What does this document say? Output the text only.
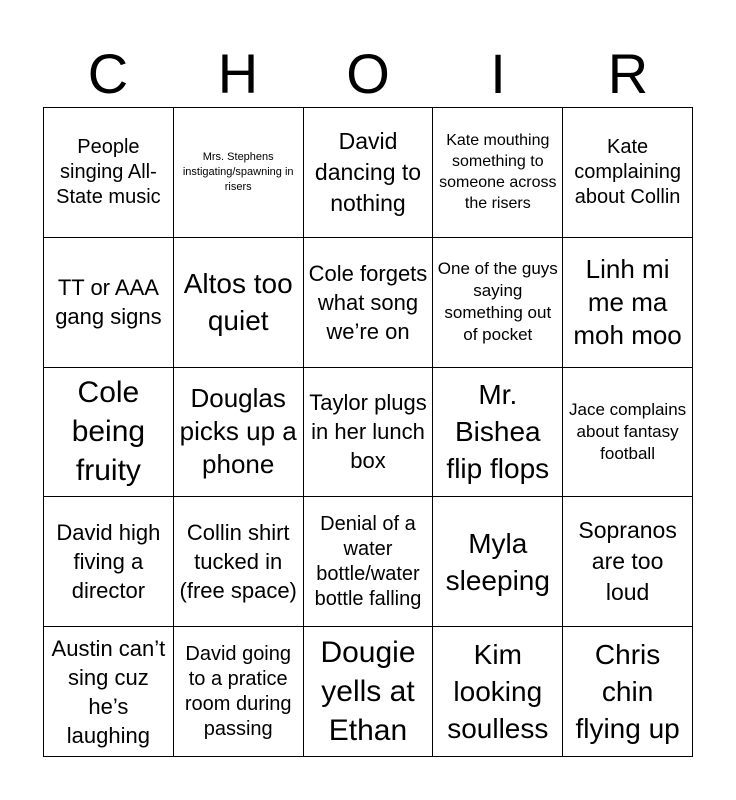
C	H	O	I	R
People singing All-State music
Mrs. Stephens instigating/spawning in risers
David dancing to nothing
Kate mouthing something to someone across the risers
Kate complaining about Collin
TT or AAA gang signs
Altos too quiet
Cole forgets what song we’re on
One of the guys saying something out of pocket
Linh mi me ma moh moo
Cole being fruity
Douglas picks up a phone
Taylor plugs in her lunch box
Mr. Bishea flip flops
Jace complains about fantasy football
David high fiving a director
Collin shirt tucked in (free space)
Denial of a water bottle/water bottle falling
Myla sleeping
Sopranos are too loud
Austin can’t sing cuz he’s laughing
David going to a pratice room during passing
Dougie yells at Ethan
Kim looking soulless
Chris chin flying up
